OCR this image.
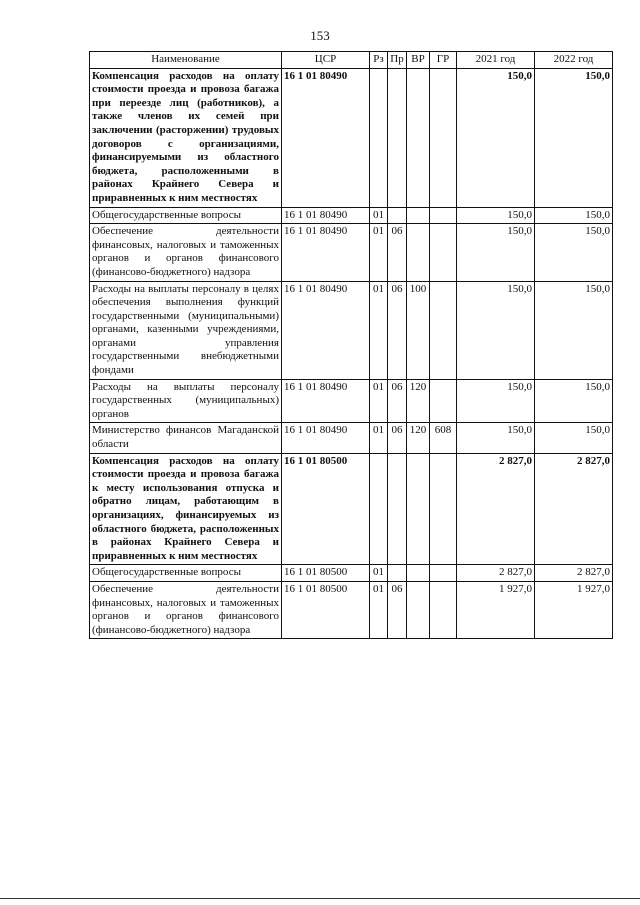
153
Наименование	ЦСР	Рз	Пр	ВР	ГР	2021 год	2022 год
Компенсация расходов на оплату стоимости проезда и провоза багажа при переезде лиц (работников), а также членов их семей при заключении (расторжении) трудовых договоров с организациями, финансируемыми из областного бюджета, расположенными в районах Крайнего Севера и приравненных к ним местностях	16 1 01 80490					150,0	150,0
Общегосударственные вопросы	16 1 01 80490	01				150,0	150,0
Обеспечение деятельности финансовых, налоговых и таможенных органов и органов финансового (финансово-бюджетного) надзора	16 1 01 80490	01	06			150,0	150,0
Расходы на выплаты персоналу в целях обеспечения выполнения функций государственными (муниципальными) органами, казенными учреждениями, органами управления государственными внебюджетными фондами	16 1 01 80490	01	06	100		150,0	150,0
Расходы на выплаты персоналу государственных (муниципальных) органов	16 1 01 80490	01	06	120		150,0	150,0
Министерство финансов Магаданской области	16 1 01 80490	01	06	120	608	150,0	150,0
Компенсация расходов на оплату стоимости проезда и провоза багажа к месту использования отпуска и обратно лицам, работающим в организациях, финансируемых из областного бюджета, расположенных в районах Крайнего Севера и приравненных к ним местностях	16 1 01 80500					2 827,0	2 827,0
Общегосударственные вопросы	16 1 01 80500	01				2 827,0	2 827,0
Обеспечение деятельности финансовых, налоговых и таможенных органов и органов финансового (финансово-бюджетного) надзора	16 1 01 80500	01	06			1 927,0	1 927,0
